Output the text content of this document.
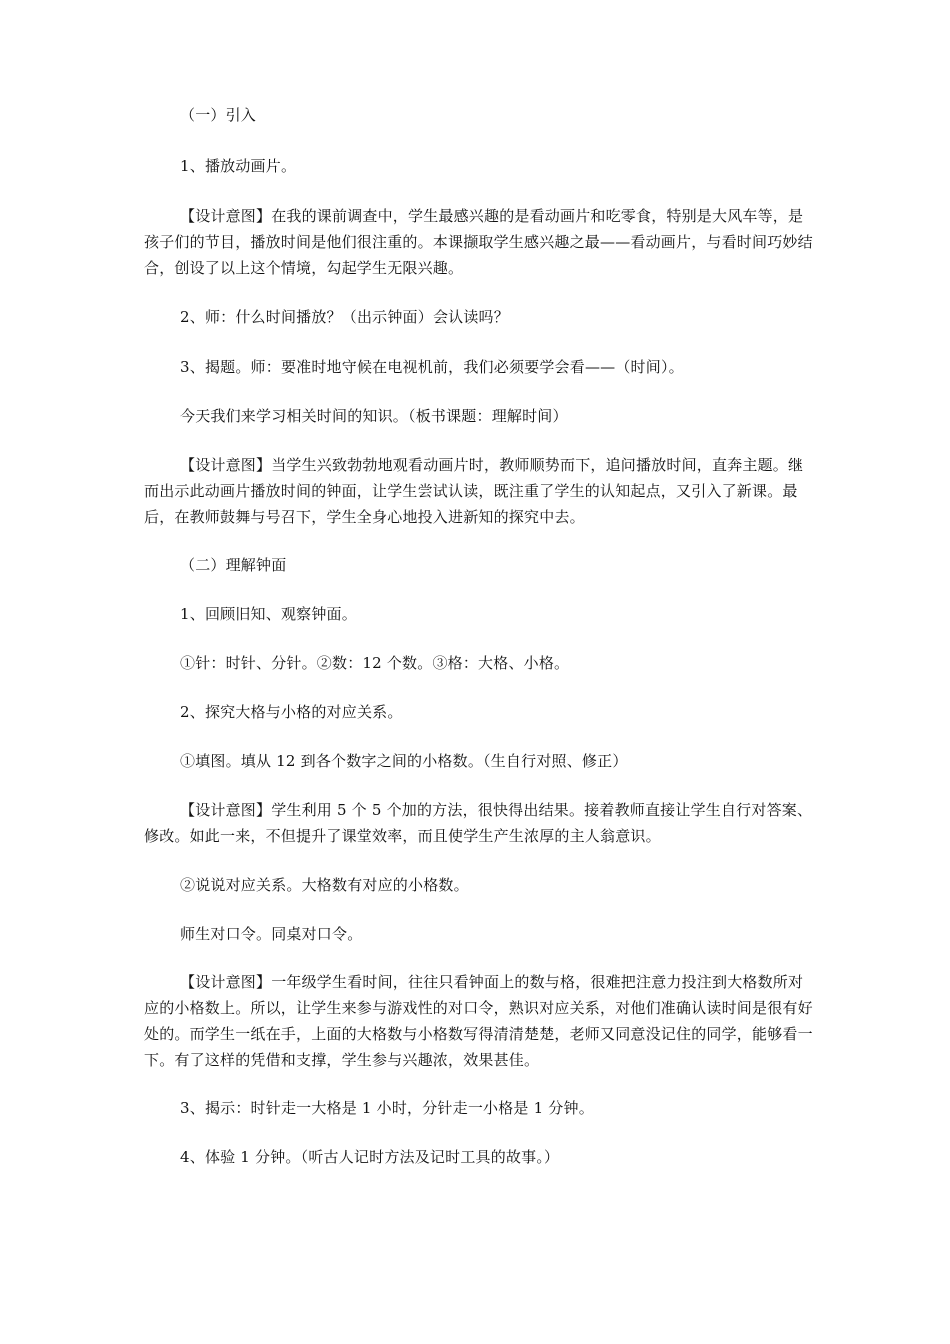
（一）引入

1、播放动画片。

【设计意图】在我的课前调查中，学生最感兴趣的是看动画片和吃零食，特别是大风车等，是孩子们的节目，播放时间是他们很注重的。本课撷取学生感兴趣之最——看动画片，与看时间巧妙结合，创设了以上这个情境，勾起学生无限兴趣。

2、师：什么时间播放？（出示钟面）会认读吗？

3、揭题。师：要准时地守候在电视机前，我们必须要学会看——（时间）。

今天我们来学习相关时间的知识。（板书课题：理解时间）

【设计意图】当学生兴致勃勃地观看动画片时，教师顺势而下，追问播放时间，直奔主题。继而出示此动画片播放时间的钟面，让学生尝试认读，既注重了学生的认知起点，又引入了新课。最后，在教师鼓舞与号召下，学生全身心地投入进新知的探究中去。

（二）理解钟面

1、回顾旧知、观察钟面。

①针：时针、分针。②数：12 个数。③格：大格、小格。

2、探究大格与小格的对应关系。

①填图。填从 12 到各个数字之间的小格数。（生自行对照、修正）

【设计意图】学生利用 5 个 5 个加的方法，很快得出结果。接着教师直接让学生自行对答案、修改。如此一来，不但提升了课堂效率，而且使学生产生浓厚的主人翁意识。

②说说对应关系。大格数有对应的小格数。

师生对口令。同桌对口令。

【设计意图】一年级学生看时间，往往只看钟面上的数与格，很难把注意力投注到大格数所对应的小格数上。所以，让学生来参与游戏性的对口令，熟识对应关系，对他们准确认读时间是很有好处的。而学生一纸在手，上面的大格数与小格数写得清清楚楚，老师又同意没记住的同学，能够看一下。有了这样的凭借和支撑，学生参与兴趣浓，效果甚佳。

3、揭示：时针走一大格是 1 小时，分针走一小格是 1 分钟。

4、体验 1 分钟。（听古人记时方法及记时工具的故事。）
